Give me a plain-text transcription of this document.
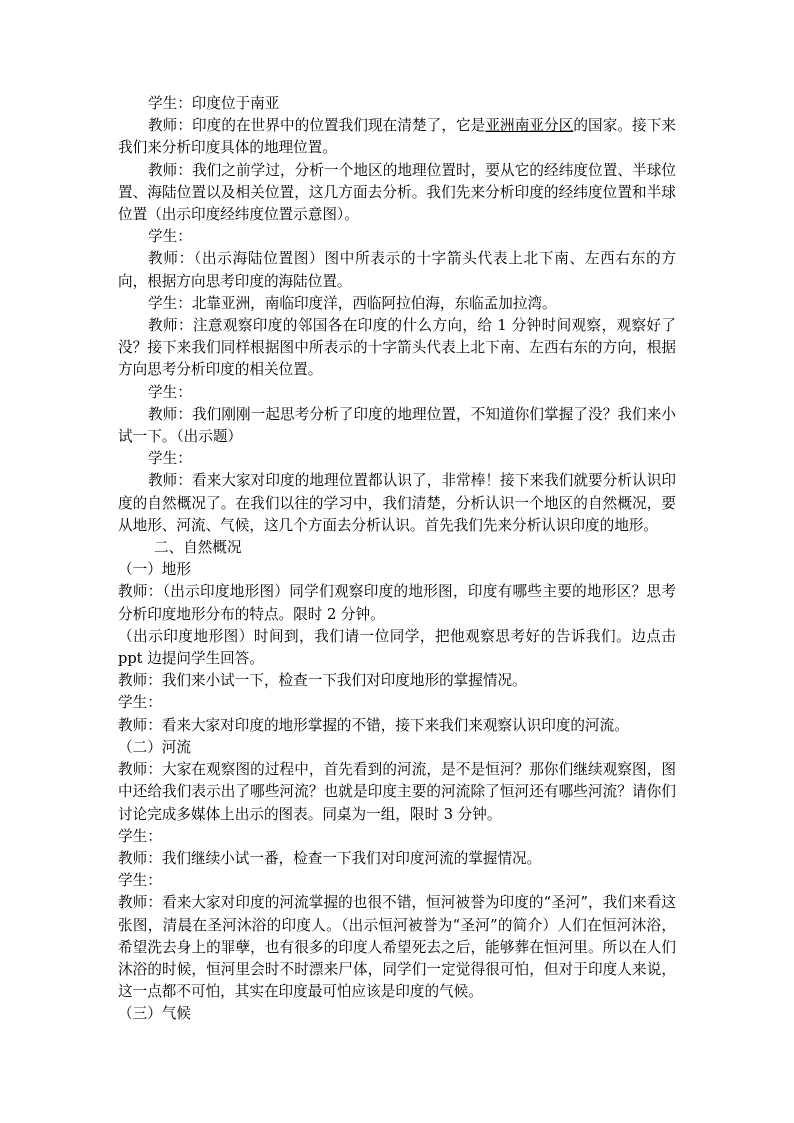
学生：印度位于南亚

教师：印度的在世界中的位置我们现在清楚了，它是亚洲南亚分区的国家。接下来我们来分析印度具体的地理位置。

教师：我们之前学过，分析一个地区的地理位置时，要从它的经纬度位置、半球位置、海陆位置以及相关位置，这几方面去分析。我们先来分析印度的经纬度位置和半球位置（出示印度经纬度位置示意图）。

学生：

教师：（出示海陆位置图）图中所表示的十字箭头代表上北下南、左西右东的方向，根据方向思考印度的海陆位置。

学生：北靠亚洲，南临印度洋，西临阿拉伯海，东临孟加拉湾。

教师：注意观察印度的邻国各在印度的什么方向，给 1 分钟时间观察，观察好了没？接下来我们同样根据图中所表示的十字箭头代表上北下南、左西右东的方向，根据方向思考分析印度的相关位置。

学生：

教师：我们刚刚一起思考分析了印度的地理位置，不知道你们掌握了没？我们来小试一下。（出示题）

学生：

教师：看来大家对印度的地理位置都认识了，非常棒！接下来我们就要分析认识印度的自然概况了。在我们以往的学习中，我们清楚，分析认识一个地区的自然概况，要从地形、河流、气候，这几个方面去分析认识。首先我们先来分析认识印度的地形。

二、自然概况

（一）地形

教师：（出示印度地形图）同学们观察印度的地形图，印度有哪些主要的地形区？思考分析印度地形分布的特点。限时 2 分钟。

（出示印度地形图）时间到，我们请一位同学，把他观察思考好的告诉我们。边点击 ppt 边提问学生回答。

教师：我们来小试一下，检查一下我们对印度地形的掌握情况。

学生：

教师：看来大家对印度的地形掌握的不错，接下来我们来观察认识印度的河流。

（二）河流

教师：大家在观察图的过程中，首先看到的河流，是不是恒河？那你们继续观察图，图中还给我们表示出了哪些河流？也就是印度主要的河流除了恒河还有哪些河流？请你们讨论完成多媒体上出示的图表。同桌为一组，限时 3 分钟。

学生：

教师：我们继续小试一番，检查一下我们对印度河流的掌握情况。

学生：

教师：看来大家对印度的河流掌握的也很不错，恒河被誉为印度的“圣河”，我们来看这张图，清晨在圣河沐浴的印度人。（出示恒河被誉为“圣河”的简介）人们在恒河沐浴，希望洗去身上的罪孽，也有很多的印度人希望死去之后，能够葬在恒河里。所以在人们沐浴的时候，恒河里会时不时漂来尸体，同学们一定觉得很可怕，但对于印度人来说，这一点都不可怕，其实在印度最可怕应该是印度的气候。

（三）气候
